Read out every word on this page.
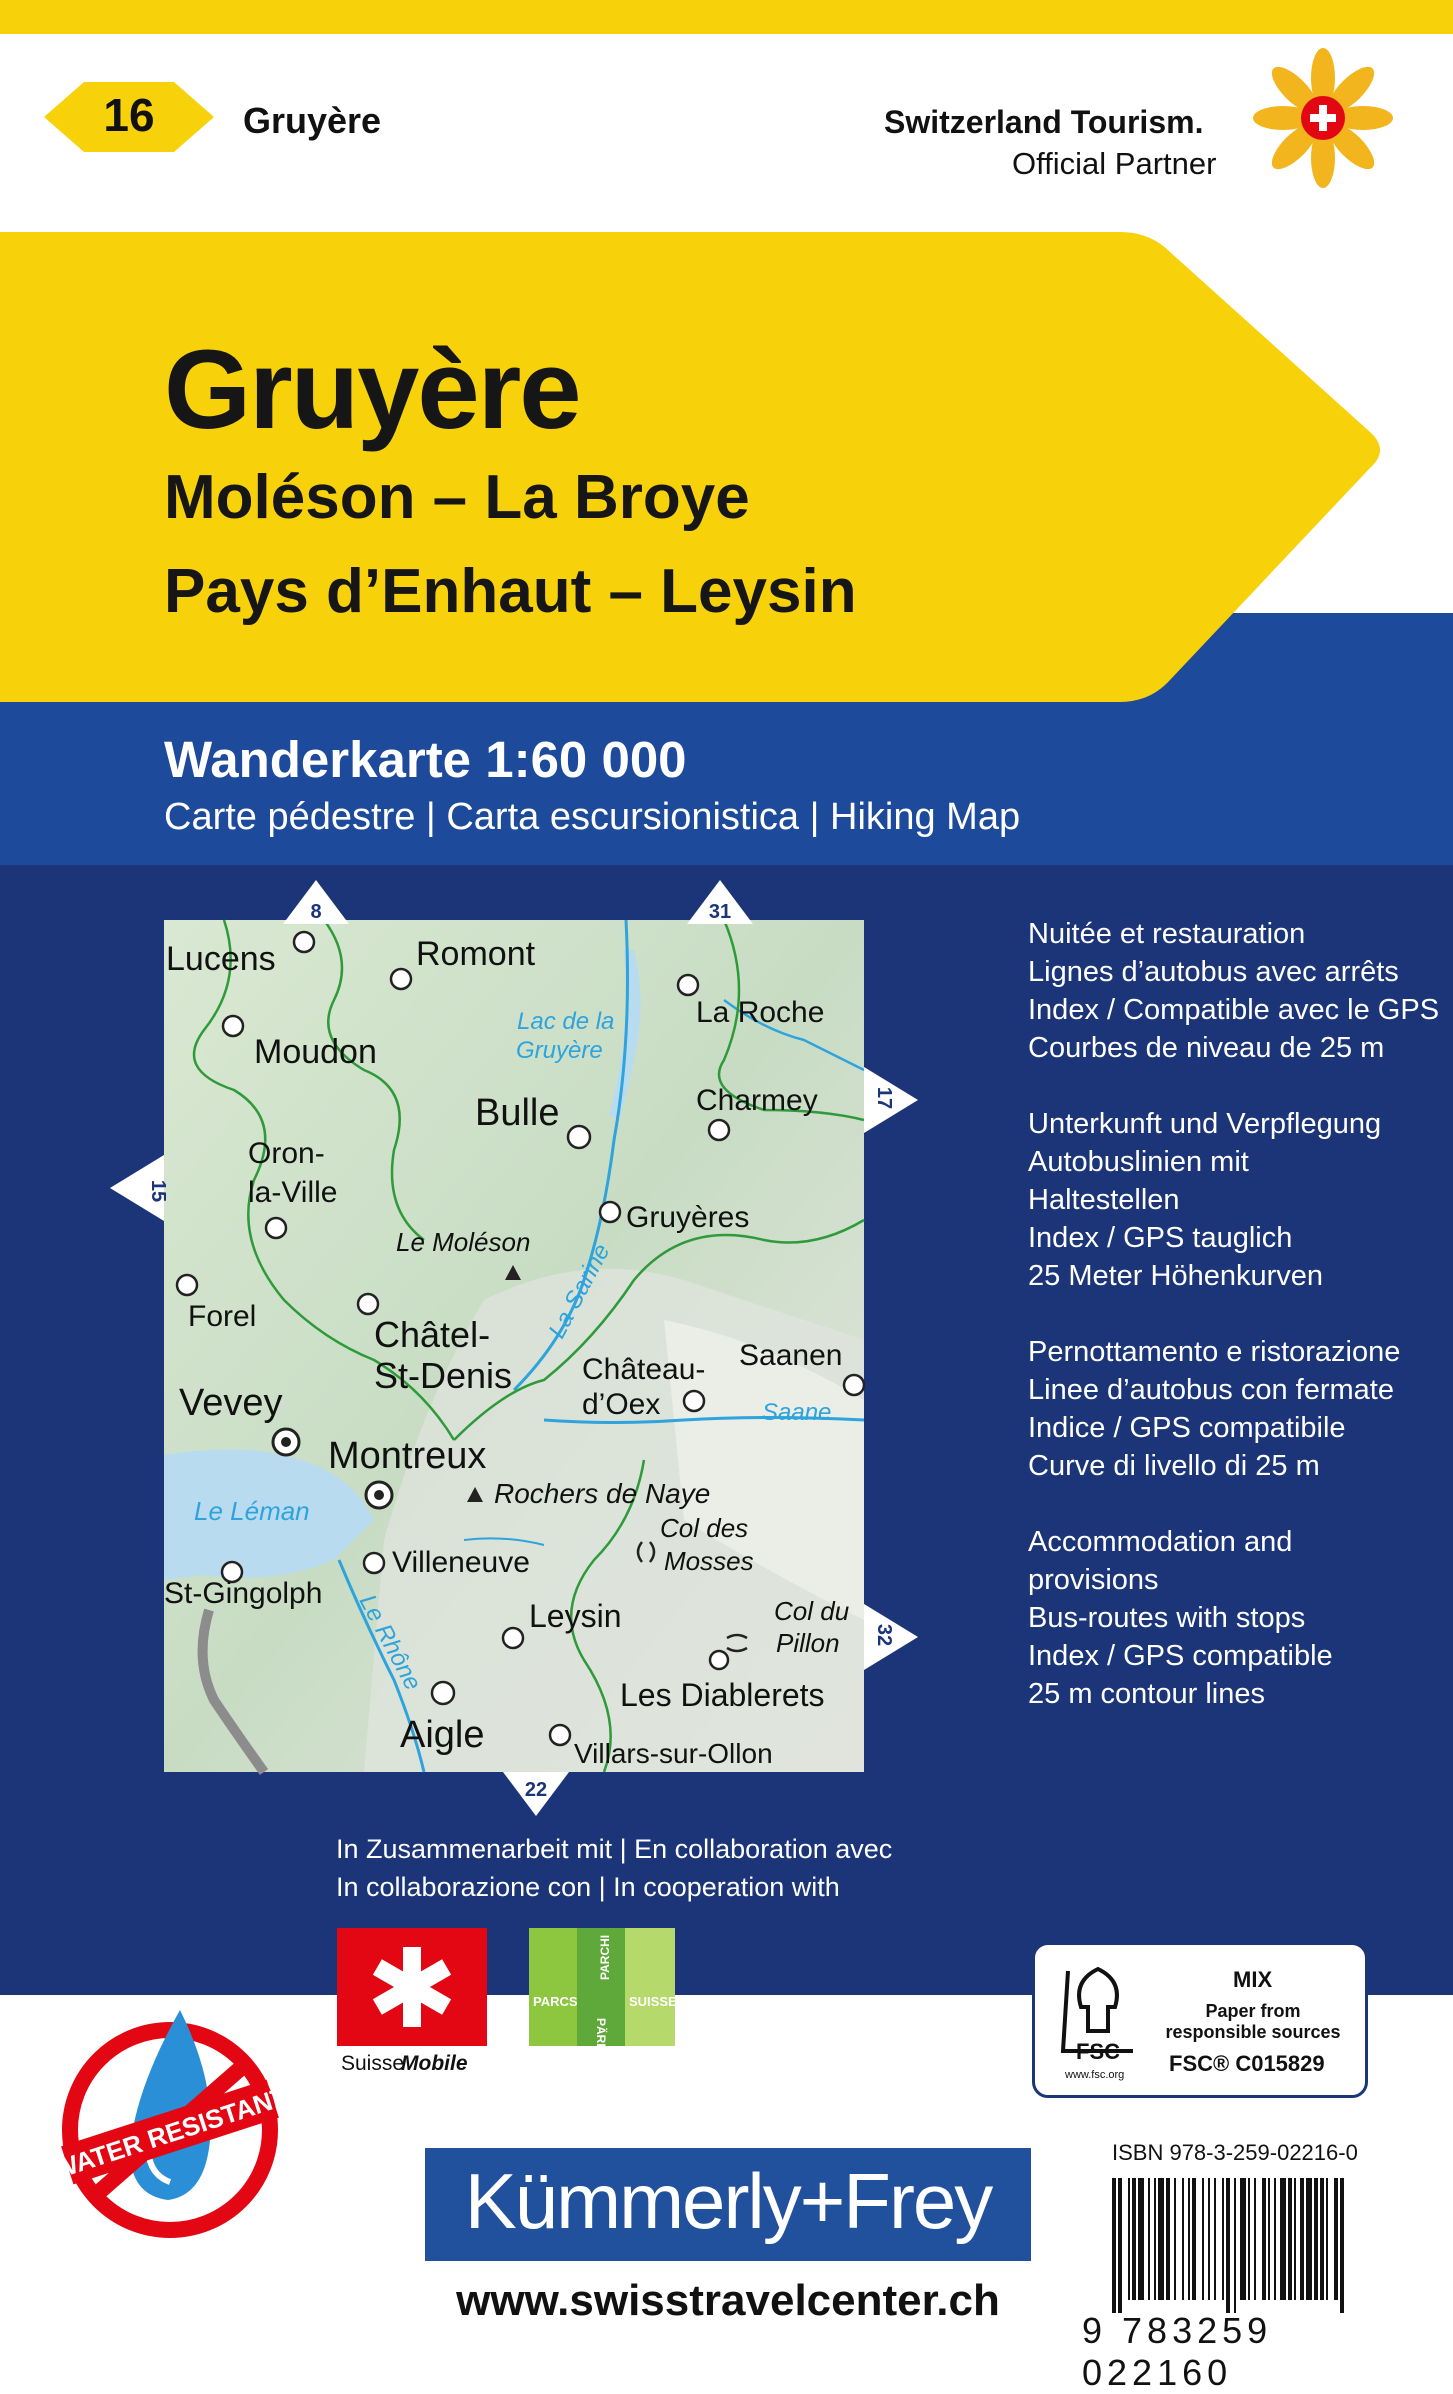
16	Gruyère	Switzerland Tourism.
Official Partner
Gruyère
Moléson – La Broye
Pays d’Enhaut – Leysin
Wanderkarte 1:60 000
Carte pédestre | Carta escursionistica | Hiking Map
Lucens	Romont
Moudon
La Roche
Charmey
Bulle
Oron-
la-Ville
Gruyères
Forel	Châtel-
St-Denis Château-
d’Oex
Saanen
Vevey
Montreux
Rochers de Naye
Col des
Mosses
St-Gingolph
Villeneuve
Col du
Pillon
Leysin
Les Diablerets
Aigle	Villars-sur-Ollon
Le Moléson
Lac de la
Gruyère
Saane
Le Léman
La Sarine
Le Rhône
8	31
15
17
32
22
Nuitée et restauration
Lignes d’autobus avec arrêts
Index / Compatible avec le GPS
Courbes de niveau de 25 m
Unterkunft und Verpflegung
Autobuslinien mit
Haltestellen
Index / GPS tauglich
25 Meter Höhenkurven
Pernottamento e ristorazione
Linee d’autobus con fermate
Indice / GPS compatibile
Curve di livello di 25 m
Accommodation and
provisions
Bus-routes with stops
Index / GPS compatible
25 m contour lines
In Zusammenarbeit mit | En collaboration avec
In collaborazione con | In cooperation with
Suisse
Mobile
PARCS	SUISSES
PARCHI
PÄRKE
RESEAU
RETE
RAIT
NETZWERK
www.parks.swiss
FSC
www.fsc.org
MIX
Paper from
responsible sources
FSC® C015829
WATER RESISTANT
Kümmerly+Frey
www.swisstravelcenter.ch
ISBN 978-3-259-02216-0
9 783259 022160
